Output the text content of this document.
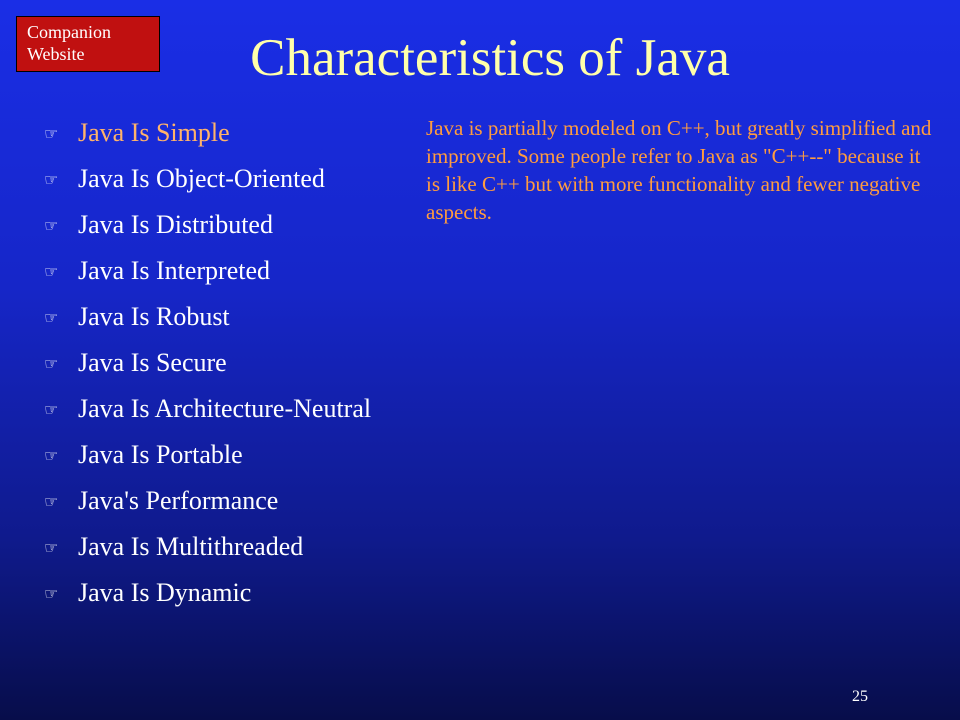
Companion
Website	Characteristics of Java
☞ Java Is Simple
☞ Java Is Object-Oriented
☞ Java Is Distributed
☞ Java Is Interpreted
☞ Java Is Robust
☞ Java Is Secure
☞ Java Is Architecture-Neutral
☞ Java Is Portable
☞ Java's Performance
☞ Java Is Multithreaded
☞ Java Is Dynamic

Java is partially modeled on C++, but greatly simplified and improved. Some people refer to Java as "C++--" because it is like C++ but with more functionality and fewer negative aspects.

25
